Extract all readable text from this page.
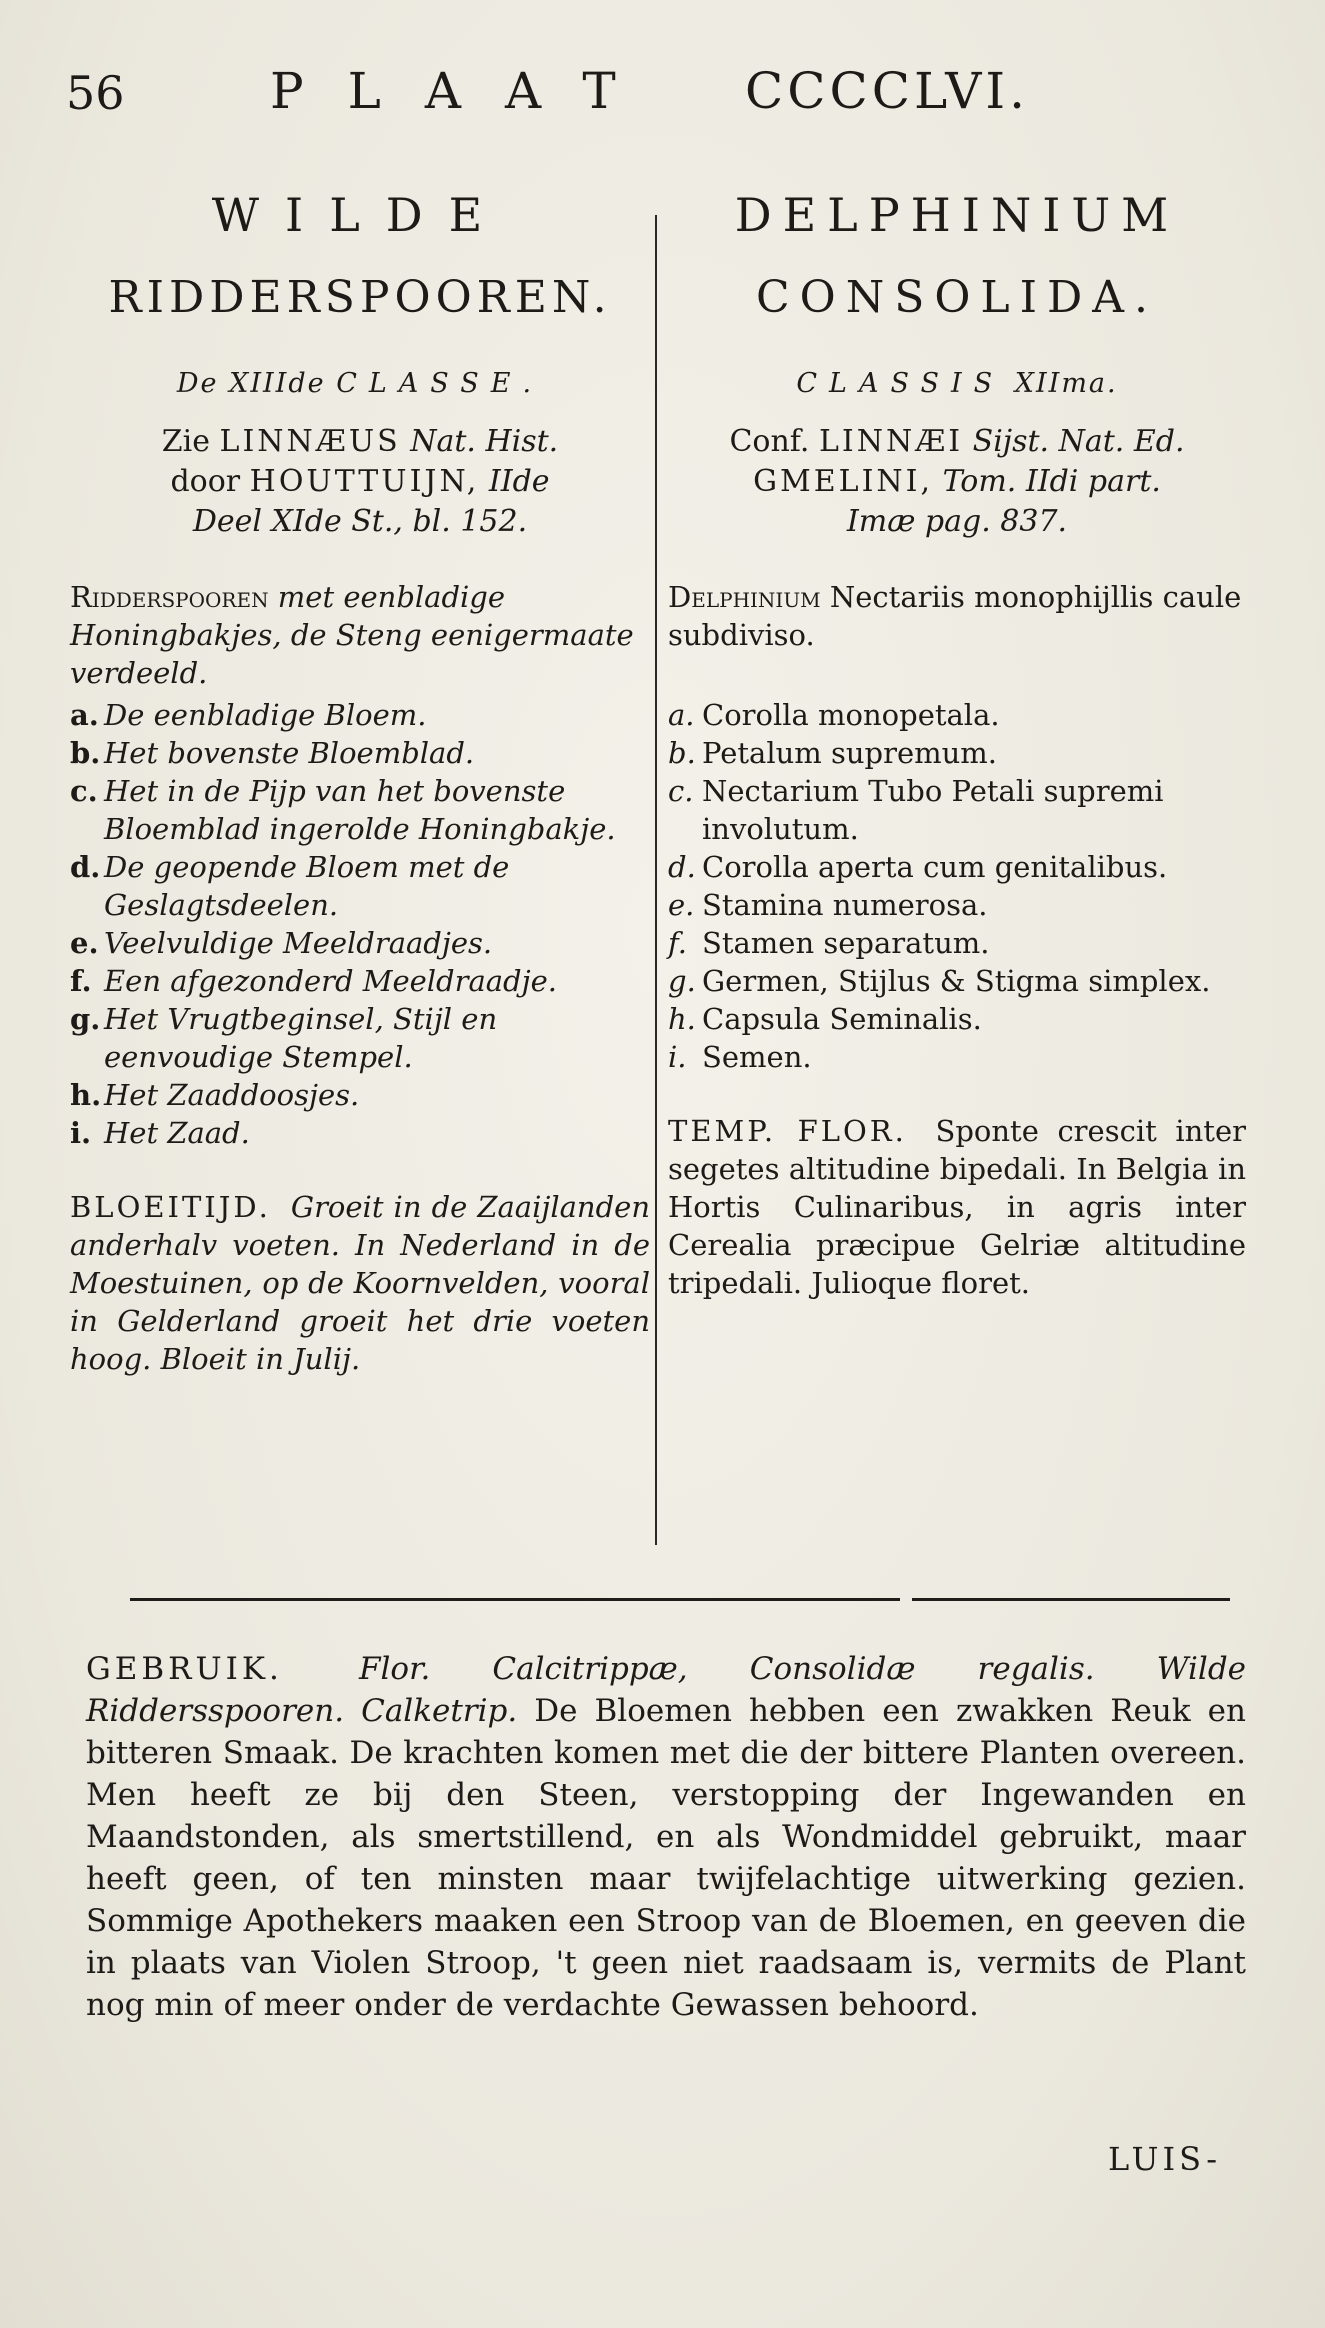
56	PLAAT CCCCLVI.
WILDE
RIDDERSPOOREN.
De XIIIde CLASSE.
Zie LINNÆUS Nat. Hist.
door HOUTTUIJN, IIde
Deel XIde St., bl. 152.
Ridderspooren met eenbladige Honingbakjes, de Steng eenigermaate verdeeld.
a. De eenbladige Bloem.
b. Het bovenste Bloemblad.
c. Het in de Pijp van het bovenste Bloemblad ingerolde Honingbakje.
d. De geopende Bloem met de Geslagtsdeelen.
e. Veelvuldige Meeldraadjes.
f. Een afgezonderd Meeldraadje.
g. Het Vrugtbeginsel, Stijl en eenvoudige Stempel.
h. Het Zaaddoosjes.
i. Het Zaad.
BLOEITIJD. Groeit in de Zaaijlanden anderhalv voeten. In Nederland in de Moestuinen, op de Koornvelden, vooral in Gelderland groeit het drie voeten hoog. Bloeit in Julij.
DELPHINIUM
CONSOLIDA.
CLASSIS XIIma.
Conf. LINNÆI Sijst. Nat. Ed.
GMELINI, Tom. IIdi part.
Imæ pag. 837.
Delphinium Nectariis monophijllis caule subdiviso.
a. Corolla monopetala.
b. Petalum supremum.
c. Nectarium Tubo Petali supremi involutum.
d. Corolla aperta cum genitalibus.
e. Stamina numerosa.
f. Stamen separatum.
g. Germen, Stijlus & Stigma simplex.
h. Capsula Seminalis.
i. Semen.
TEMP. FLOR. Sponte crescit inter segetes altitudine bipedali. In Belgia in Hortis Culinaribus, in agris inter Cerealia præcipue Gelriæ altitudine tripedali. Julioque floret.
GEBRUIK. Flor. Calcitrippæ, Consolidæ regalis. Wilde Riddersspooren. Calketrip. De Bloemen hebben een zwakken Reuk en bitteren Smaak. De krachten komen met die der bittere Planten overeen. Men heeft ze bij den Steen, verstopping der Ingewanden en Maandstonden, als smertstillend, en als Wondmiddel gebruikt, maar heeft geen, of ten minsten maar twijfelachtige uitwerking gezien. Sommige Apothekers maaken een Stroop van de Bloemen, en geeven die in plaats van Violen Stroop, 't geen niet raadsaam is, vermits de Plant nog min of meer onder de verdachte Gewassen behoord.
LUIS-
